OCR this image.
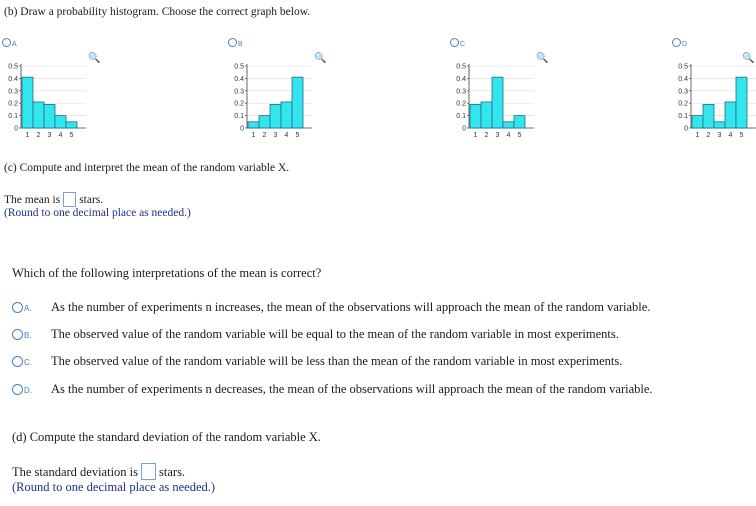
(b) Draw a probability histogram. Choose the correct graph below.
A
🔍
0.5
0.4
0.3
0.2
0.1
0
1 2 3 4 5
B
🔍
0.5
0.4
0.3
0.2
0.1
0
1 2 3 4 5
C
🔍
0.5
0.4
0.3
0.2
0.1
0
1 2 3 4 5
D
🔍
0.5
0.4
0.3
0.2
0.1
0
1 2 3 4 5
(c) Compute and interpret the mean of the random variable X.
The mean is stars.
(Round to one decimal place as needed.)
Which of the following interpretations of the mean is correct?
A. As the number of experiments n increases, the mean of the observations will approach the mean of the random variable.
B. The observed value of the random variable will be equal to the mean of the random variable in most experiments.
C. The observed value of the random variable will be less than the mean of the random variable in most experiments.
D. As the number of experiments n decreases, the mean of the observations will approach the mean of the random variable.
(d) Compute the standard deviation of the random variable X.
The standard deviation is stars.
(Round to one decimal place as needed.)
